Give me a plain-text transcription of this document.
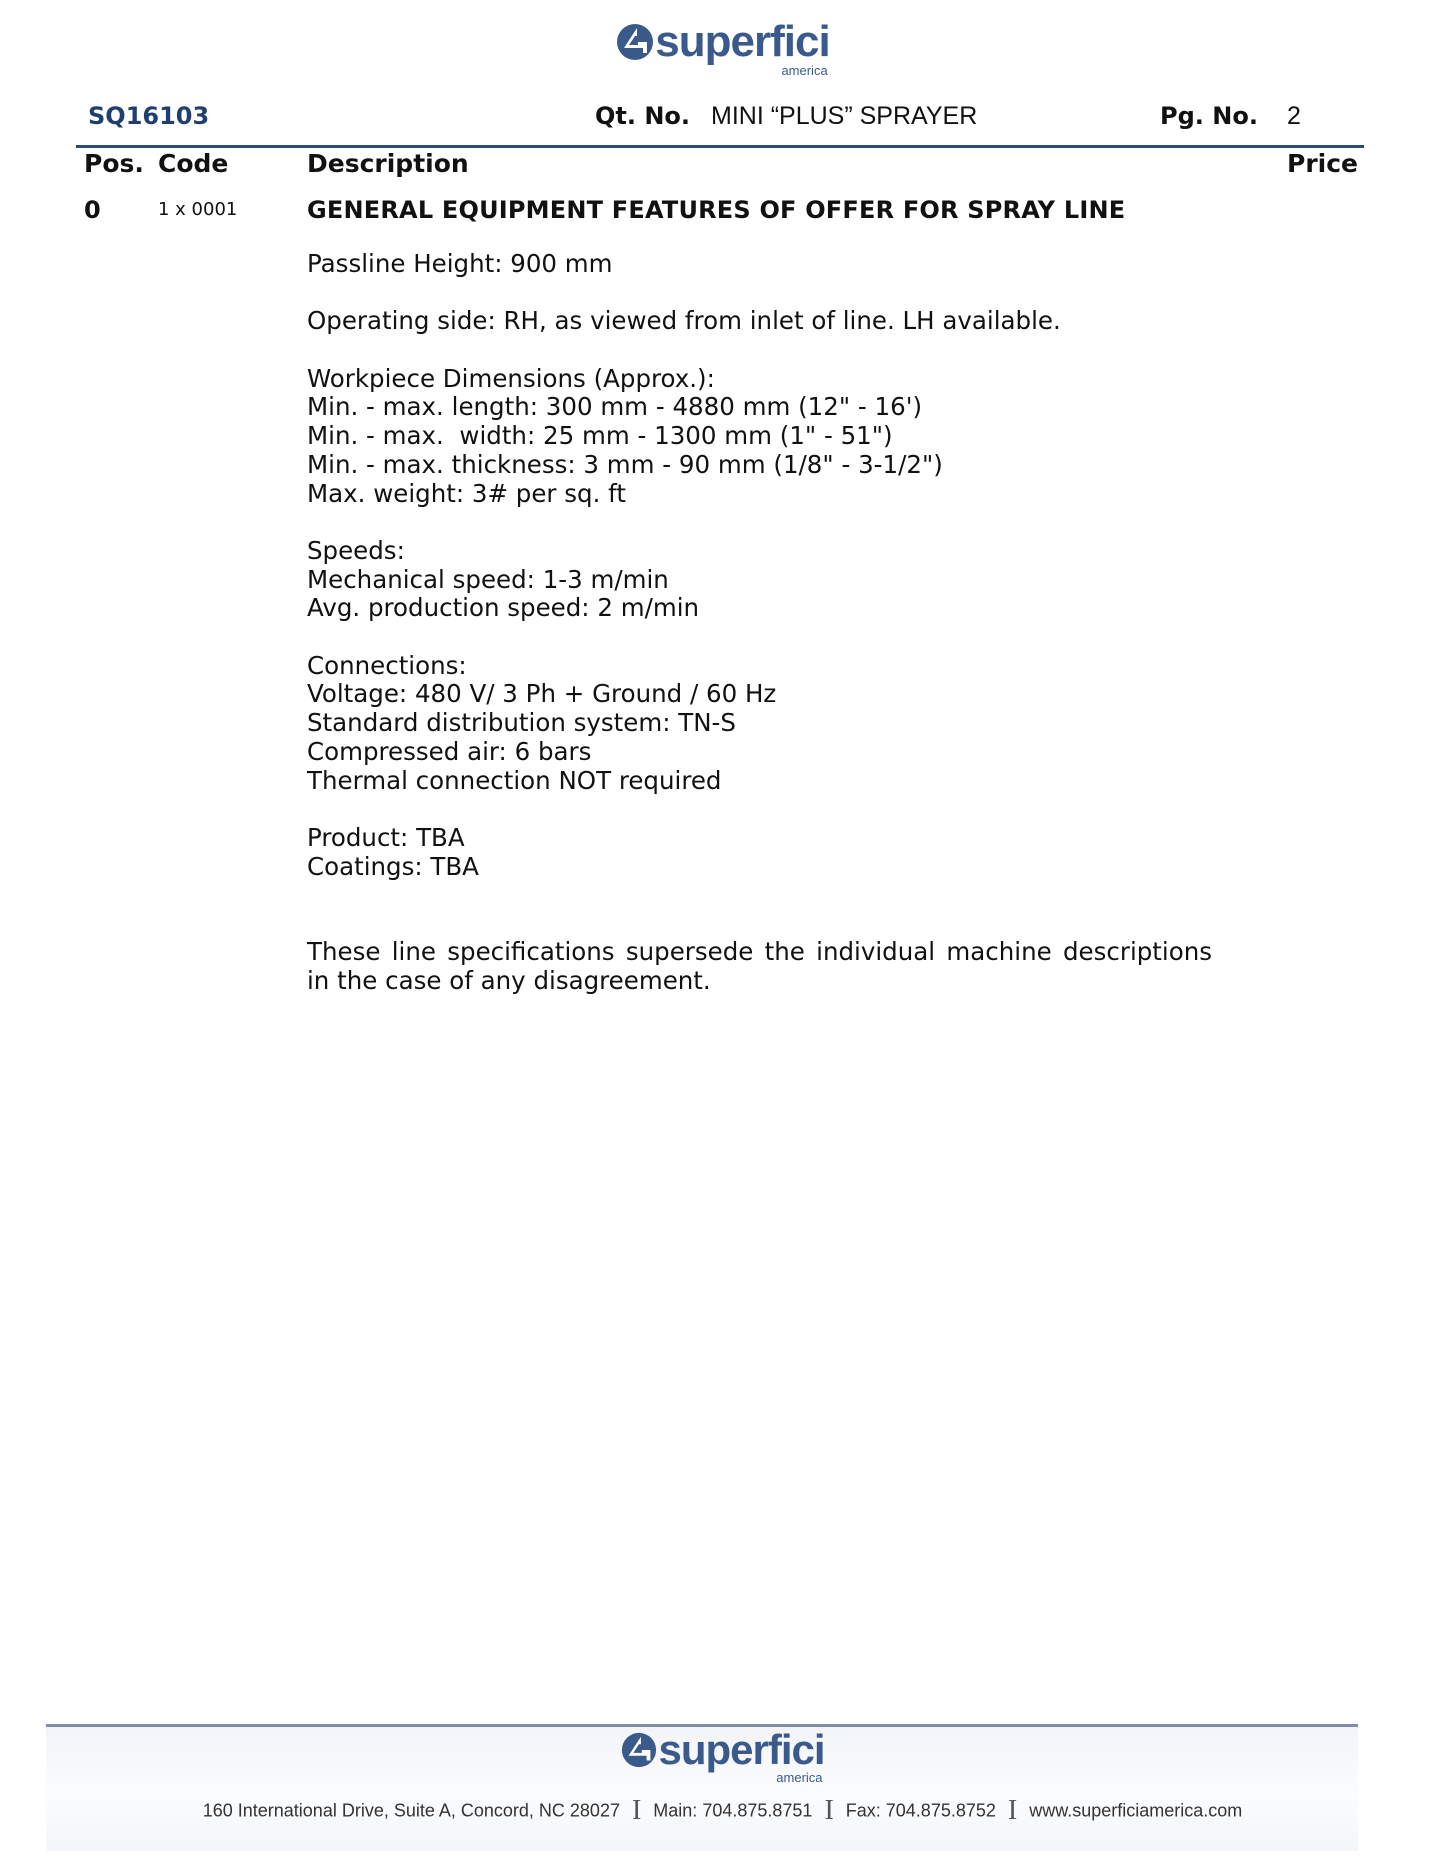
superfici
america
SQ16103	Qt. No. MINI “PLUS” SPRAYER	Pg. No. 2
Pos. Code	Description	Price
0	1 x 0001	GENERAL EQUIPMENT FEATURES OF OFFER FOR SPRAY LINE

Passline Height: 900 mm

Operating side: RH, as viewed from inlet of line. LH available.

Workpiece Dimensions (Approx.):
Min. - max. length: 300 mm - 4880 mm (12" - 16')
Min. - max.  width: 25 mm - 1300 mm (1" - 51")
Min. - max. thickness: 3 mm - 90 mm (1/8" - 3-1/2")
Max. weight: 3# per sq. ft

Speeds:
Mechanical speed: 1-3 m/min
Avg. production speed: 2 m/min

Connections:
Voltage: 480 V/ 3 Ph + Ground / 60 Hz
Standard distribution system: TN-S
Compressed air: 6 bars
Thermal connection NOT required

Product: TBA
Coatings: TBA

These line specifications supersede the individual machine descriptions in the case of any disagreement.

superfici
america
160 International Drive, Suite A, Concord, NC 28027 I Main: 704.875.8751 I Fax: 704.875.8752 I www.superficiamerica.com
